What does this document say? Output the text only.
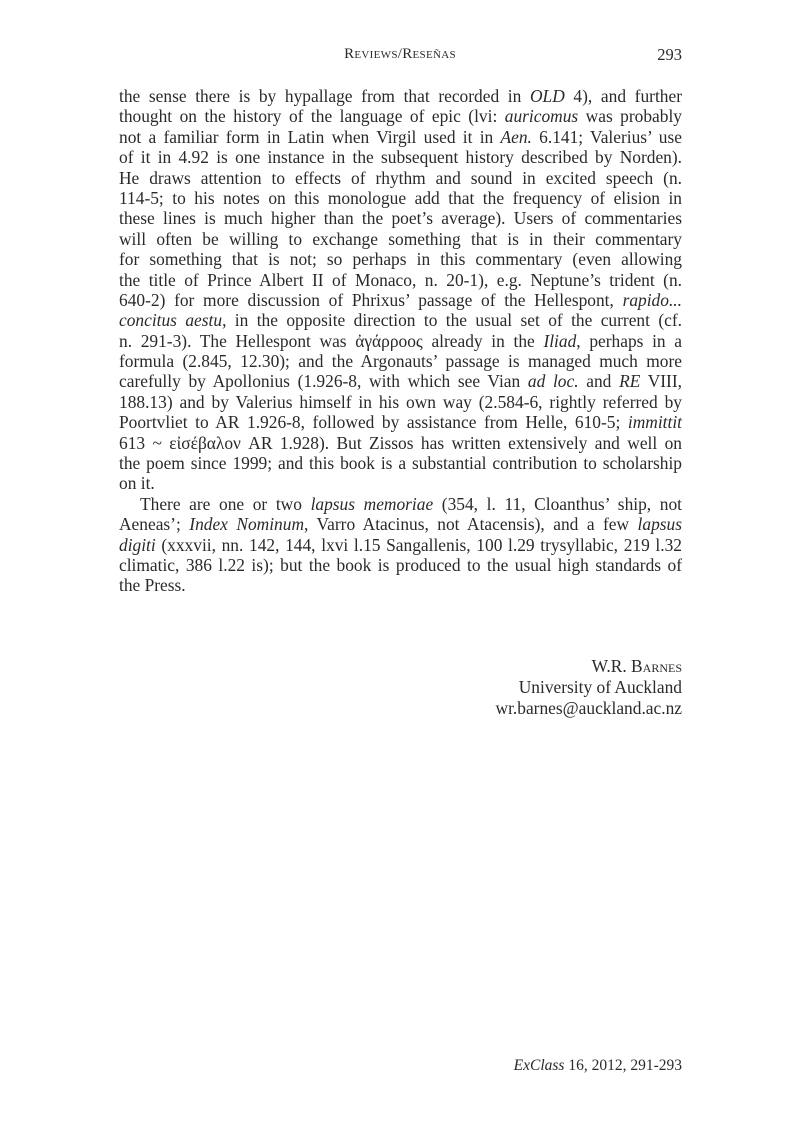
Reviews/Reseñas	293
the sense there is by hypallage from that recorded in OLD 4), and further
thought on the history of the language of epic (lvi: auricomus was probably
not a familiar form in Latin when Virgil used it in Aen. 6.141; Valerius’ use
of it in 4.92 is one instance in the subsequent history described by Norden).
He draws attention to effects of rhythm and sound in excited speech (n.
114-5; to his notes on this monologue add that the frequency of elision in
these lines is much higher than the poet’s average). Users of commentaries
will often be willing to exchange something that is in their commentary
for something that is not; so perhaps in this commentary (even allowing
the title of Prince Albert II of Monaco, n. 20-1), e.g. Neptune’s trident (n.
640-2) for more discussion of Phrixus’ passage of the Hellespont, rapido...
concitus aestu, in the opposite direction to the usual set of the current (cf.
n. 291-3). The Hellespont was ἀγάρροος already in the Iliad, perhaps in a
formula (2.845, 12.30); and the Argonauts’ passage is managed much more
carefully by Apollonius (1.926-8, with which see Vian ad loc. and RE VIII,
188.13) and by Valerius himself in his own way (2.584-6, rightly referred by
Poortvliet to AR 1.926-8, followed by assistance from Helle, 610-5; immittit
613 ~ εἰσέβαλον AR 1.928). But Zissos has written extensively and well on
the poem since 1999; and this book is a substantial contribution to scholarship
on it.
There are one or two lapsus memoriae (354, l. 11, Cloanthus’ ship, not
Aeneas’; Index Nominum, Varro Atacinus, not Atacensis), and a few lapsus
digiti (xxxvii, nn. 142, 144, lxvi l.15 Sangallenis, 100 l.29 trysyllabic, 219 l.32
climatic, 386 l.22 is); but the book is produced to the usual high standards of
the Press.
W.R. Barnes
University of Auckland
wr.barnes@auckland.ac.nz
ExClass 16, 2012, 291-293
